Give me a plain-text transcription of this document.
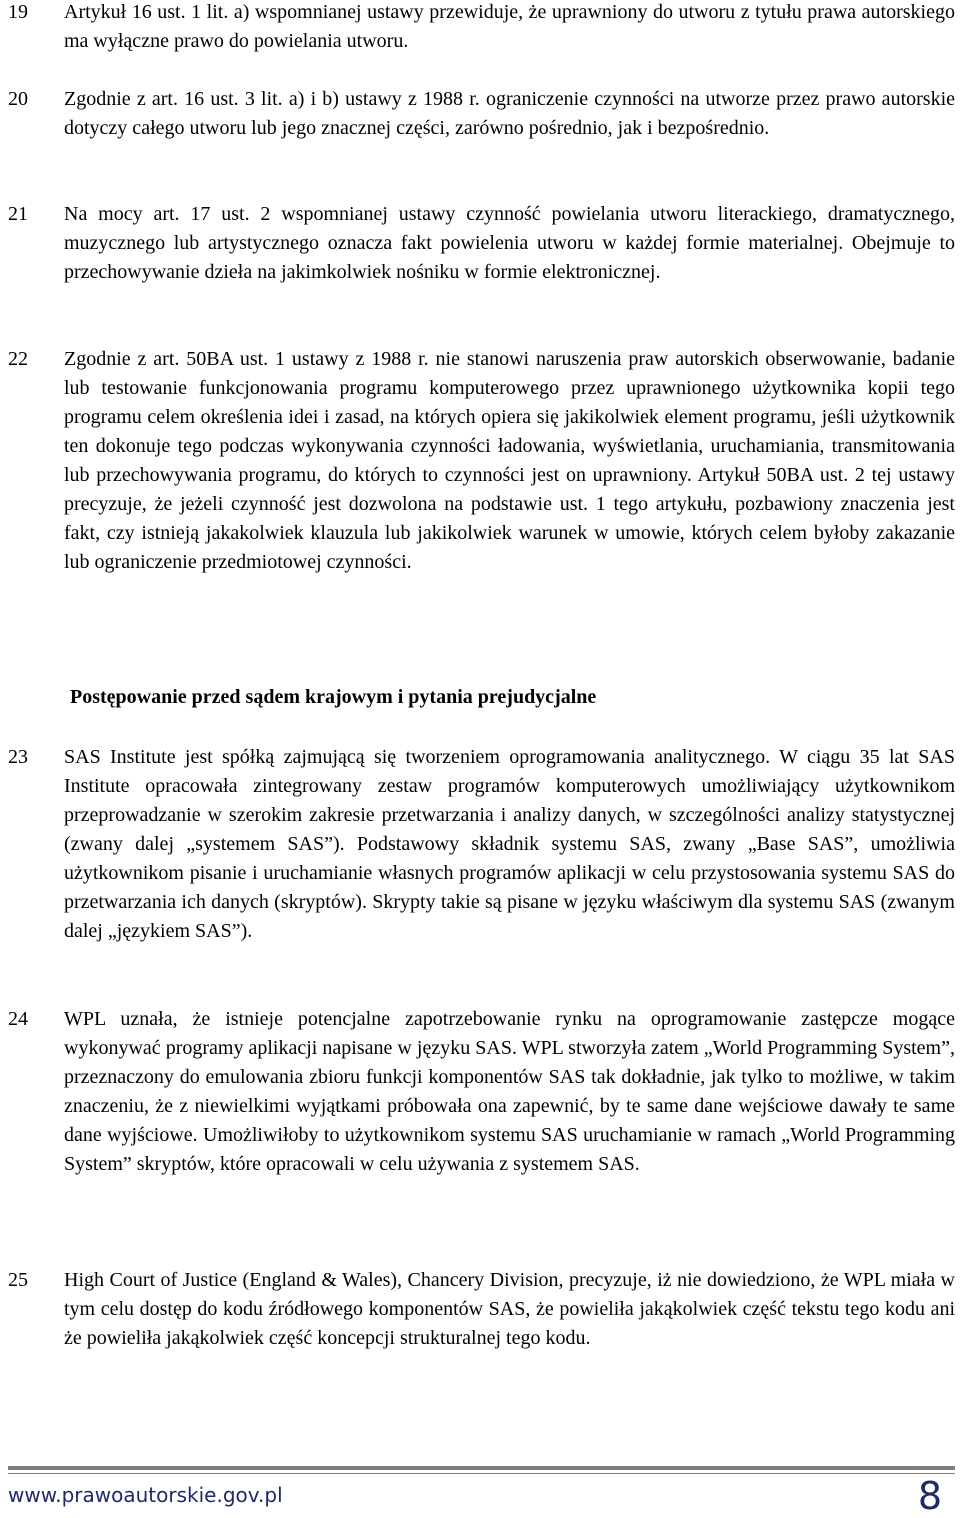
19 Artykuł 16 ust. 1 lit. a) wspomnianej ustawy przewiduje, że uprawniony do utworu z tytułu prawa autorskiego ma wyłączne prawo do powielania utworu.
20 Zgodnie z art. 16 ust. 3 lit. a) i b) ustawy z 1988 r. ograniczenie czynności na utworze przez prawo autorskie dotyczy całego utworu lub jego znacznej części, zarówno pośrednio, jak i bezpośrednio.
21 Na mocy art. 17 ust. 2 wspomnianej ustawy czynność powielania utworu literackiego, dramatycznego, muzycznego lub artystycznego oznacza fakt powielenia utworu w każdej formie materialnej. Obejmuje to przechowywanie dzieła na jakimkolwiek nośniku w formie elektronicznej.
22 Zgodnie z art. 50BA ust. 1 ustawy z 1988 r. nie stanowi naruszenia praw autorskich obserwowanie, badanie lub testowanie funkcjonowania programu komputerowego przez uprawnionego użytkownika kopii tego programu celem określenia idei i zasad, na których opiera się jakikolwiek element programu, jeśli użytkownik ten dokonuje tego podczas wykonywania czynności ładowania, wyświetlania, uruchamiania, transmitowania lub przechowywania programu, do których to czynności jest on uprawniony. Artykuł 50BA ust. 2 tej ustawy precyzuje, że jeżeli czynność jest dozwolona na podstawie ust. 1 tego artykułu, pozbawiony znaczenia jest fakt, czy istnieją jakakolwiek klauzula lub jakikolwiek warunek w umowie, których celem byłoby zakazanie lub ograniczenie przedmiotowej czynności.
Postępowanie przed sądem krajowym i pytania prejudycjalne
23 SAS Institute jest spółką zajmującą się tworzeniem oprogramowania analitycznego. W ciągu 35 lat SAS Institute opracowała zintegrowany zestaw programów komputerowych umożliwiający użytkownikom przeprowadzanie w szerokim zakresie przetwarzania i analizy danych, w szczególności analizy statystycznej (zwany dalej „systemem SAS”). Podstawowy składnik systemu SAS, zwany „Base SAS”, umożliwia użytkownikom pisanie i uruchamianie własnych programów aplikacji w celu przystosowania systemu SAS do przetwarzania ich danych (skryptów). Skrypty takie są pisane w języku właściwym dla systemu SAS (zwanym dalej „językiem SAS”).
24 WPL uznała, że istnieje potencjalne zapotrzebowanie rynku na oprogramowanie zastępcze mogące wykonywać programy aplikacji napisane w języku SAS. WPL stworzyła zatem „World Programming System”, przeznaczony do emulowania zbioru funkcji komponentów SAS tak dokładnie, jak tylko to możliwe, w takim znaczeniu, że z niewielkimi wyjątkami próbowała ona zapewnić, by te same dane wejściowe dawały te same dane wyjściowe. Umożliwiłoby to użytkownikom systemu SAS uruchamianie w ramach „World Programming System” skryptów, które opracowali w celu używania z systemem SAS.
25 High Court of Justice (England & Wales), Chancery Division, precyzuje, iż nie dowiedziono, że WPL miała w tym celu dostęp do kodu źródłowego komponentów SAS, że powieliła jakąkolwiek część tekstu tego kodu ani że powieliła jakąkolwiek część koncepcji strukturalnej tego kodu.
www.prawoautorskie.gov.pl	8
